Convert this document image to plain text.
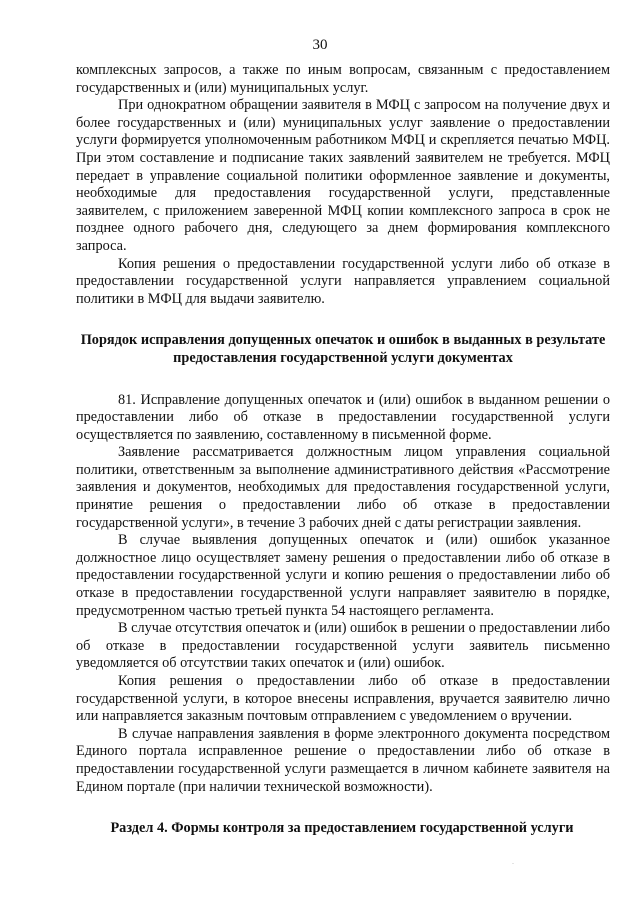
30

комплексных запросов, а также по иным вопросам, связанным с предоставлением государственных и (или) муниципальных услуг.

При однократном обращении заявителя в МФЦ с запросом на получение двух и более государственных и (или) муниципальных услуг заявление о предоставлении услуги формируется уполномоченным работником МФЦ и скрепляется печатью МФЦ. При этом составление и подписание таких заявлений заявителем не требуется. МФЦ передает в управление социальной политики оформленное заявление и документы, необходимые для предоставления государственной услуги, представленные заявителем, с приложением заверенной МФЦ копии комплексного запроса в срок не позднее одного рабочего дня, следующего за днем формирования комплексного запроса.

Копия решения о предоставлении государственной услуги либо об отказе в предоставлении государственной услуги направляется управлением социальной политики в МФЦ для выдачи заявителю.

Порядок исправления допущенных опечаток и ошибок в выданных в результате предоставления государственной услуги документах

81. Исправление допущенных опечаток и (или) ошибок в выданном решении о предоставлении либо об отказе в предоставлении государственной услуги осуществляется по заявлению, составленному в письменной форме.

Заявление рассматривается должностным лицом управления социальной политики, ответственным за выполнение административного действия «Рассмотрение заявления и документов, необходимых для предоставления государственной услуги, принятие решения о предоставлении либо об отказе в предоставлении государственной услуги», в течение 3 рабочих дней с даты регистрации заявления.

В случае выявления допущенных опечаток и (или) ошибок указанное должностное лицо осуществляет замену решения о предоставлении либо об отказе в предоставлении государственной услуги и копию решения о предоставлении либо об отказе в предоставлении государственной услуги направляет заявителю в порядке, предусмотренном частью третьей пункта 54 настоящего регламента.

В случае отсутствия опечаток и (или) ошибок в решении о предоставлении либо об отказе в предоставлении государственной услуги заявитель письменно уведомляется об отсутствии таких опечаток и (или) ошибок.

Копия решения о предоставлении либо об отказе в предоставлении государственной услуги, в которое внесены исправления, вручается заявителю лично или направляется заказным почтовым отправлением с уведомлением о вручении.

В случае направления заявления в форме электронного документа посредством Единого портала исправленное решение о предоставлении либо об отказе в предоставлении государственной услуги размещается в личном кабинете заявителя на Едином портале (при наличии технической возможности).

Раздел 4. Формы контроля за предоставлением государственной услуги

.
